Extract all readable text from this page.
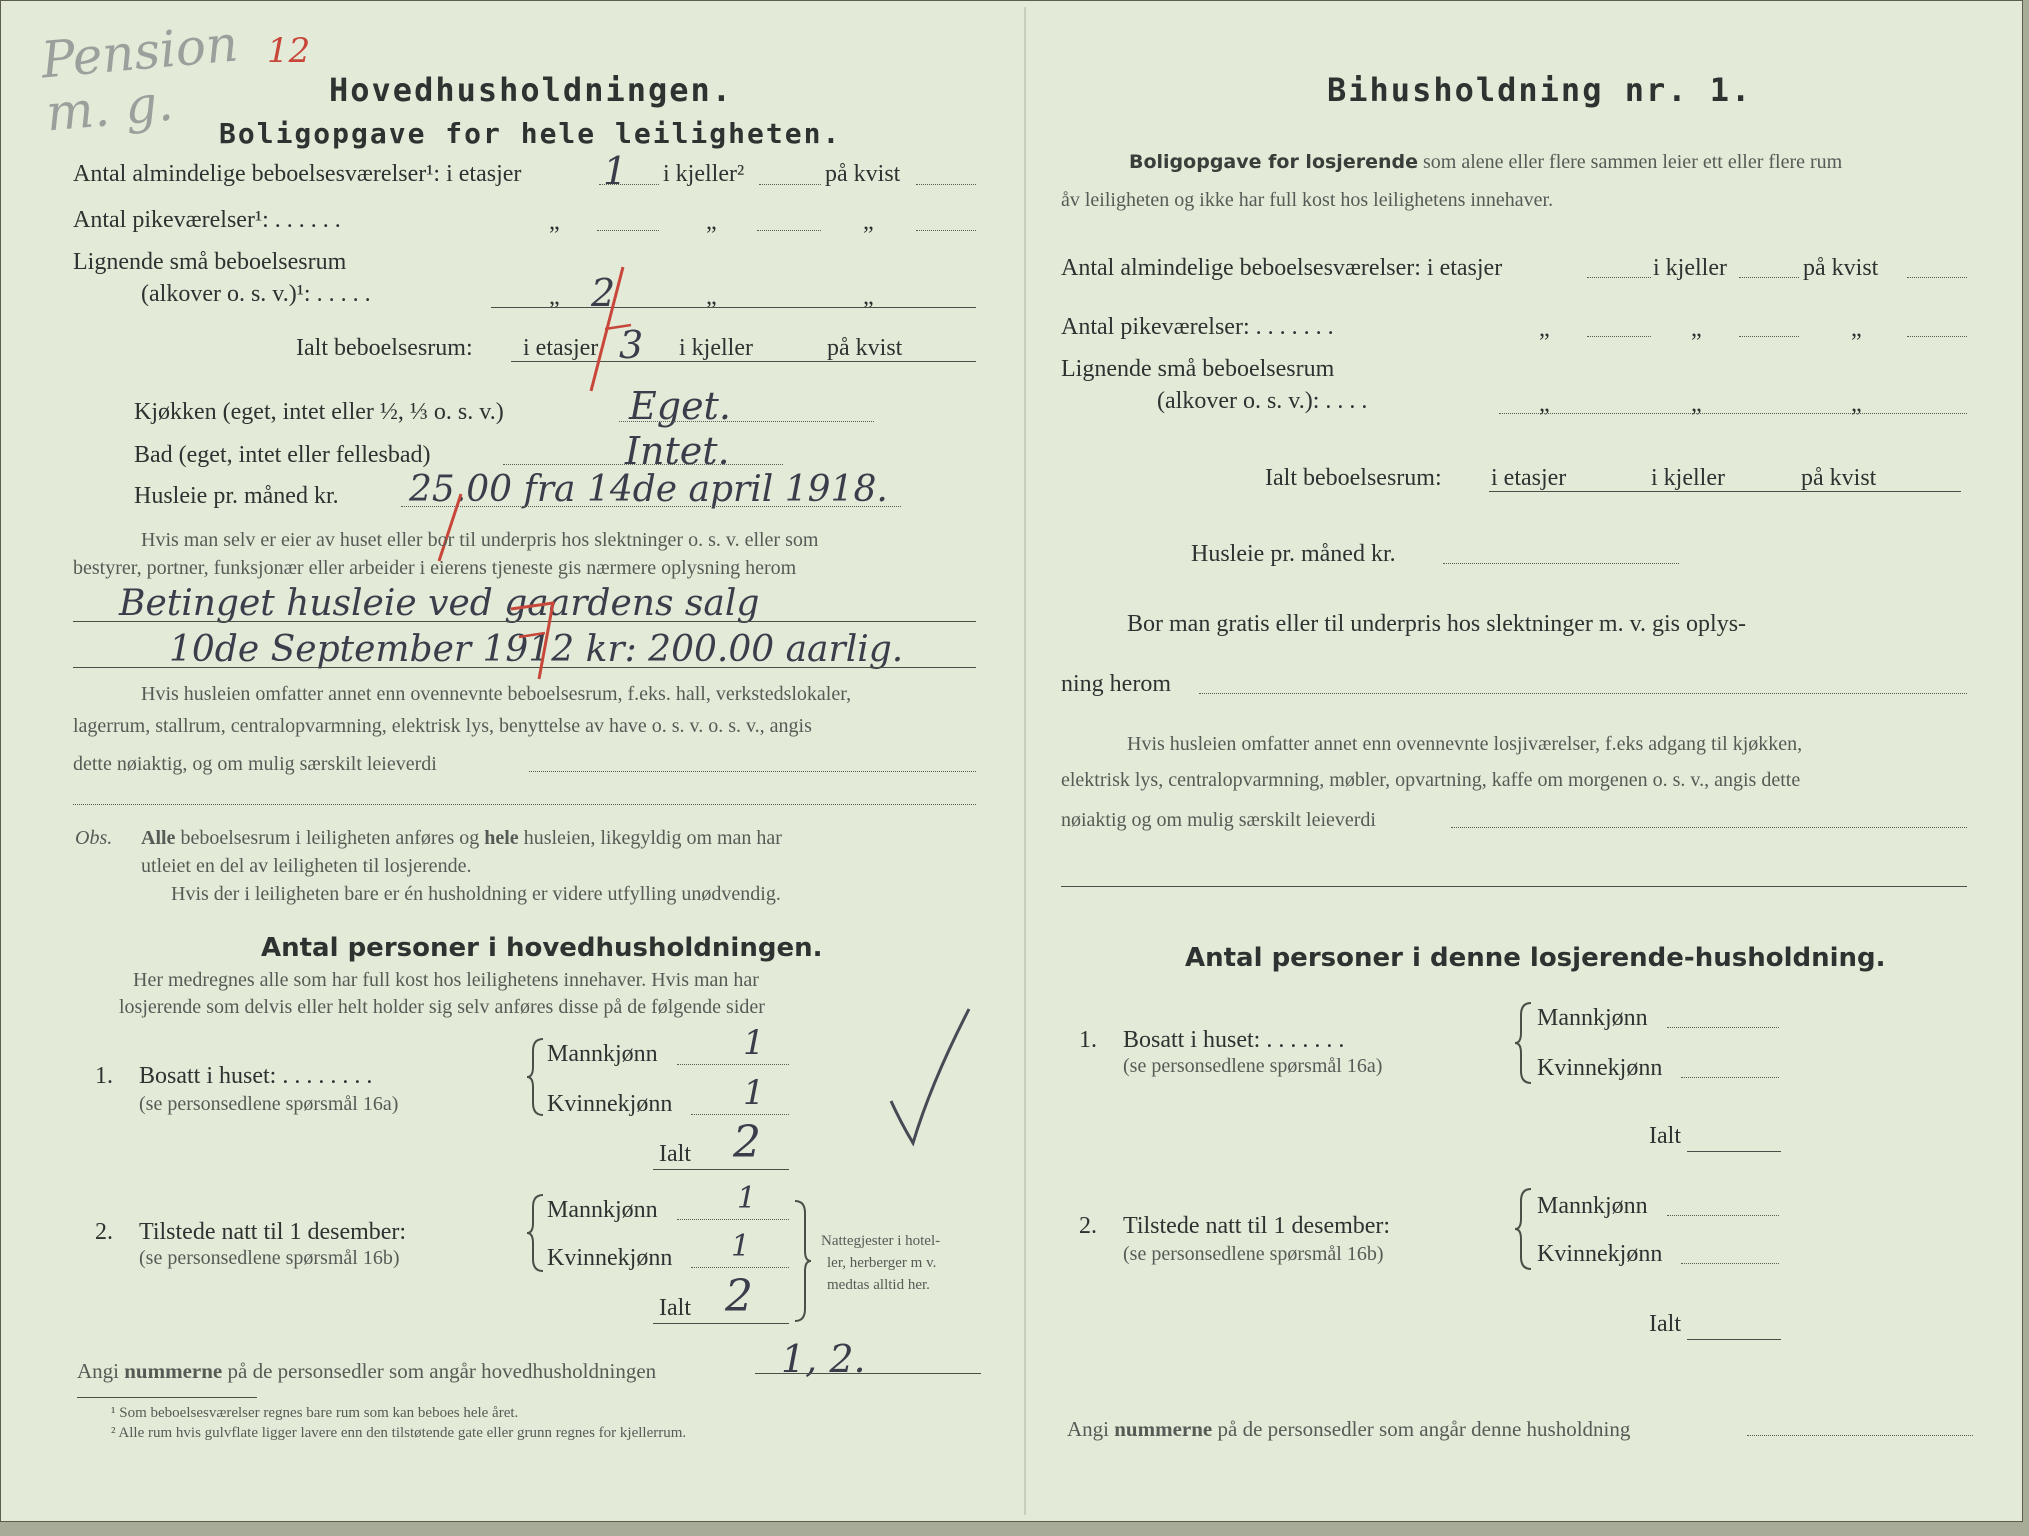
Pension 12
m. g.	Hovedhusholdningen.
Boligopgave for hele leiligheten.
Antal almindelige beboelsesværelser¹: i etasjer 1 i kjeller²	på kvist
Antal pikeværelser¹: . . . . . .	„	„	„
Lignende små beboelsesrum
(alkover o. s. v.)¹: . . . . .	„ 2	„	„
Ialt beboelsesrum: i etasjer 3 i kjeller	på kvist
Kjøkken (eget, intet eller ½, ⅓ o. s. v.)	Eget.
Bad (eget, intet eller fellesbad)	Intet.
Husleie pr. måned kr. 25.00 fra 14de april 1918.
Hvis man selv er eier av huset eller bor til underpris hos slektninger o. s. v. eller som
bestyrer, portner, funksjonær eller arbeider i eierens tjeneste gis nærmere oplysning herom
Betinget husleie ved gaardens salg
10de September 1912 kr: 200.00 aarlig.
Hvis husleien omfatter annet enn ovennevnte beboelsesrum, f.eks. hall, verkstedslokaler,
lagerrum, stallrum, centralopvarmning, elektrisk lys, benyttelse av have o. s. v. o. s. v., angis
dette nøiaktig, og om mulig særskilt leieverdi
Obs. Alle beboelsesrum i leiligheten anføres og hele husleien, likegyldig om man har
utleiet en del av leiligheten til losjerende.
Hvis der i leiligheten bare er én husholdning er videre utfylling unødvendig.
Antal personer i hovedhusholdningen.
Her medregnes alle som har full kost hos leilighetens innehaver. Hvis man har
losjerende som delvis eller helt holder sig selv anføres disse på de følgende sider
1. Bosatt i huset: . . . . . . . .
(se personsedlene spørsmål 16a)
Mannkjønn	1
Kvinnekjønn 1
Ialt 2
2. Tilstede natt til 1 desember:
(se personsedlene spørsmål 16b)
Mannkjønn	1
Kvinnekjønn 1
Ialt 2
Nattegjester i hotel-
ler, herberger m v.
medtas alltid her.
Angi nummerne på de personsedler som angår hovedhusholdningen	1, 2.
¹ Som beboelsesværelser regnes bare rum som kan beboes hele året.
² Alle rum hvis gulvflate ligger lavere enn den tilstøtende gate eller grunn regnes for kjellerrum.
Bihusholdning nr. 1.
Boligopgave for losjerende som alene eller flere sammen leier ett eller flere rum
åv leiligheten og ikke har full kost hos leilighetens innehaver.
Antal almindelige beboelsesværelser: i etasjer	i kjeller	på kvist
Antal pikeværelser: . . . . . . .	„	„	„
Lignende små beboelsesrum
(alkover o. s. v.): . . . .	„	„	„
Ialt beboelsesrum: i etasjer	i kjeller	på kvist
Husleie pr. måned kr.
Bor man gratis eller til underpris hos slektninger m. v. gis oplys-
ning herom
Hvis husleien omfatter annet enn ovennevnte losjiværelser, f.eks adgang til kjøkken,
elektrisk lys, centralopvarmning, møbler, opvartning, kaffe om morgenen o. s. v., angis dette
nøiaktig og om mulig særskilt leieverdi
Antal personer i denne losjerende-husholdning.
1. Bosatt i huset: . . . . . . .
(se personsedlene spørsmål 16a)
Mannkjønn
Kvinnekjønn
Ialt
2. Tilstede natt til 1 desember:
(se personsedlene spørsmål 16b)
Mannkjønn
Kvinnekjønn
Ialt
Angi nummerne på de personsedler som angår denne husholdning
